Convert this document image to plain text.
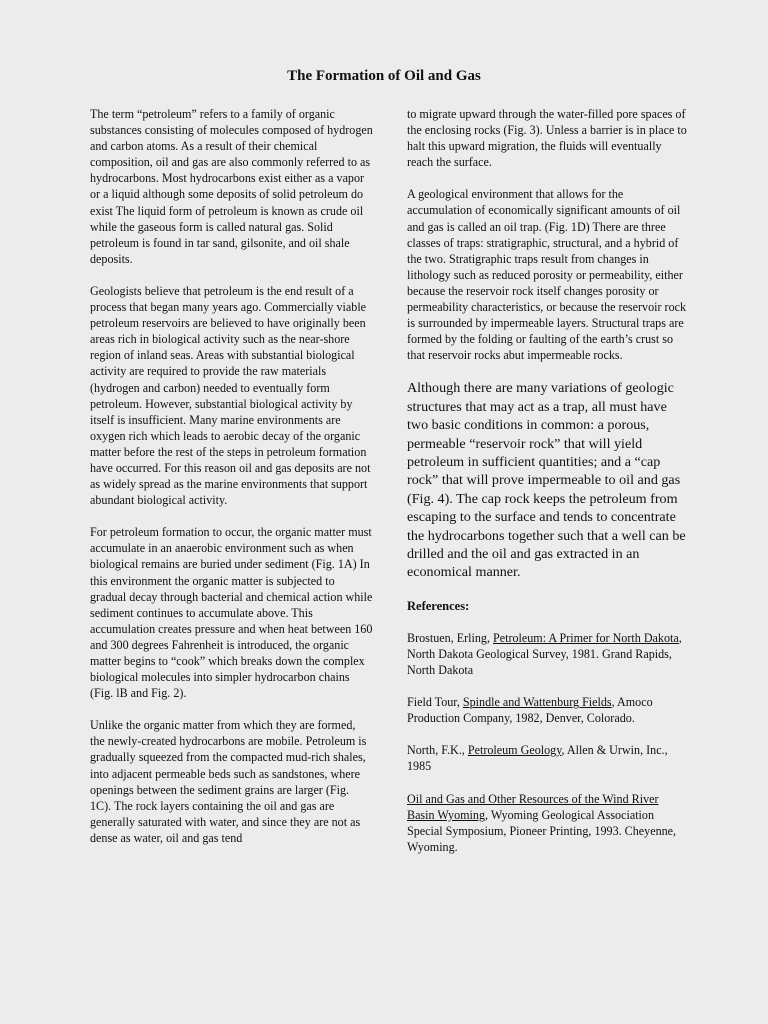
The Formation of Oil and Gas

The term “petroleum” refers to a family of organic substances consisting of molecules composed of hydrogen and carbon atoms. As a result of their chemical composition, oil and gas are also commonly referred to as hydrocarbons. Most hydrocarbons exist either as a vapor or a liquid although some deposits of solid petroleum do exist The liquid form of petroleum is known as crude oil while the gaseous form is called natural gas. Solid petroleum is found in tar sand, gilsonite, and oil shale deposits.

Geologists believe that petroleum is the end result of a process that began many years ago. Commercially viable petroleum reservoirs are believed to have originally been areas rich in biological activity such as the near-shore region of inland seas. Areas with substantial biological activity are required to provide the raw materials (hydrogen and carbon) needed to eventually form petroleum. However, substantial biological activity by itself is insufficient. Many marine environments are oxygen rich which leads to aerobic decay of the organic matter before the rest of the steps in petroleum formation have occurred. For this reason oil and gas deposits are not as widely spread as the marine environments that support abundant biological activity.

For petroleum formation to occur, the organic matter must accumulate in an anaerobic environment such as when biological remains are buried under sediment (Fig. 1A) In this environment the organic matter is subjected to gradual decay through bacterial and chemical action while sediment continues to accumulate above. This accumulation creates pressure and when heat between 160 and 300 degrees Fahrenheit is introduced, the organic matter begins to “cook” which breaks down the complex biological molecules into simpler hydrocarbon chains (Fig. lB and Fig. 2).

Unlike the organic matter from which they are formed, the newly-created hydrocarbons are mobile. Petroleum is gradually squeezed from the compacted mud-rich shales, into adjacent permeable beds such as sandstones, where openings between the sediment grains are larger (Fig. 1C). The rock layers containing the oil and gas are generally saturated with water, and since they are not as dense as water, oil and gas tend

to migrate upward through the water-filled pore spaces of the enclosing rocks (Fig. 3). Unless a barrier is in place to halt this upward migration, the fluids will eventually reach the surface.

A geological environment that allows for the accumulation of economically significant amounts of oil and gas is called an oil trap. (Fig. 1D) There are three classes of traps: stratigraphic, structural, and a hybrid of the two. Stratigraphic traps result from changes in lithology such as reduced porosity or permeability, either because the reservoir rock itself changes porosity or permeability characteristics, or because the reservoir rock is surrounded by impermeable layers. Structural traps are formed by the folding or faulting of the earth’s crust so that reservoir rocks abut impermeable rocks.

Although there are many variations of geologic structures that may act as a trap, all must have two basic conditions in common: a porous, permeable “reservoir rock” that will yield petroleum in sufficient quantities; and a “cap rock” that will prove impermeable to oil and gas (Fig. 4). The cap rock keeps the petroleum from escaping to the surface and tends to concentrate the hydrocarbons together such that a well can be drilled and the oil and gas extracted in an economical manner.

References:

Brostuen, Erling, Petroleum: A Primer for North Dakota, North Dakota Geological Survey, 1981. Grand Rapids, North Dakota

Field Tour, Spindle and Wattenburg Fields, Amoco Production Company, 1982, Denver, Colorado.

North, F.K., Petroleum Geology, Allen & Urwin, Inc., 1985

Oil and Gas and Other Resources of the Wind River Basin Wyoming, Wyoming Geological Association Special Symposium, Pioneer Printing, 1993. Cheyenne, Wyoming.
